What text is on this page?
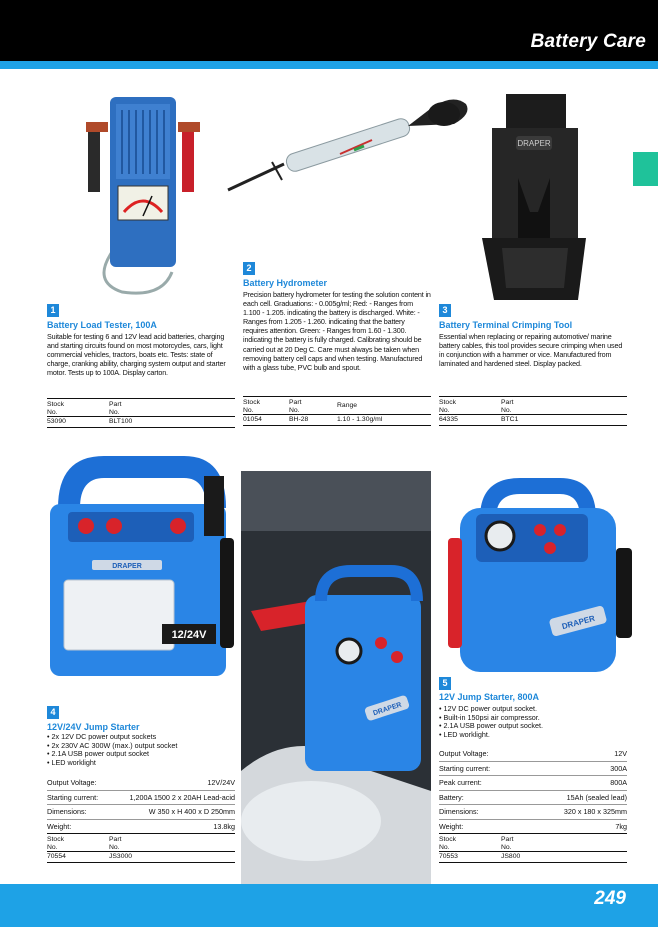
Battery Care
DRAPER
1
Battery Load Tester, 100A
Suitable for testing 6 and 12V lead acid batteries, charging and starting circuits found on most motorcycles, cars, light commercial vehicles, tractors, boats etc. Tests: state of charge, cranking ability, charging system output and starter motor. Tests up to 100A. Display carton.
Stock
No.	Part
No.
53090	BLT100
2
Battery Hydrometer
Precision battery hydrometer for testing the solution content in each cell. Graduations: - 0.005g/ml; Red: - Ranges from 1.100 - 1.205. indicating the battery is discharged. White: - Ranges from 1.205 - 1.260. indicating that the battery requires attention. Green: - Ranges from 1.60 - 1.300. indicating the battery is fully charged. Calibrating should be carried out at 20 Deg C. Care must always be taken when removing battery cell caps and when testing. Manufactured with a glass tube, PVC bulb and spout.
Stock
No.	Part
No.	Range
01054	BH-28	1.10 - 1.30g/ml
3
Battery Terminal Crimping Tool
Essential when replacing or repairing automotive/ marine battery cables, this tool provides secure crimping when used in conjunction with a hammer or vice. Manufactured from laminated and hardened steel. Display packed.
Stock
No.	Part
No.
64335	BTC1
DRAPER
12/24V
DRAPER
DRAPER
4
12V/24V Jump Starter
• 2x 12V DC power output sockets
• 2x 230V AC 300W (max.) output socket
• 2.1A USB power output socket
• LED worklight
Output Voltage:	12V/24V
Starting current:	1,200A 1500 2 x 20AH Lead-acid
Dimensions:	W 350 x H 400 x D 250mm
Weight:	13.8kg
Stock
No.	Part
No.
70554	JS3000
5
12V Jump Starter, 800A
• 12V DC power output socket.
• Built-in 150psi air compressor.
• 2.1A USB power output socket.
• LED worklight.
Output Voltage:	12V
Starting current:	300A
Peak current:	800A
Battery:	15Ah (sealed lead)
Dimensions:	320 x 180 x 325mm
Weight:	7kg
Stock
No.	Part
No.
70553	JS800
249
